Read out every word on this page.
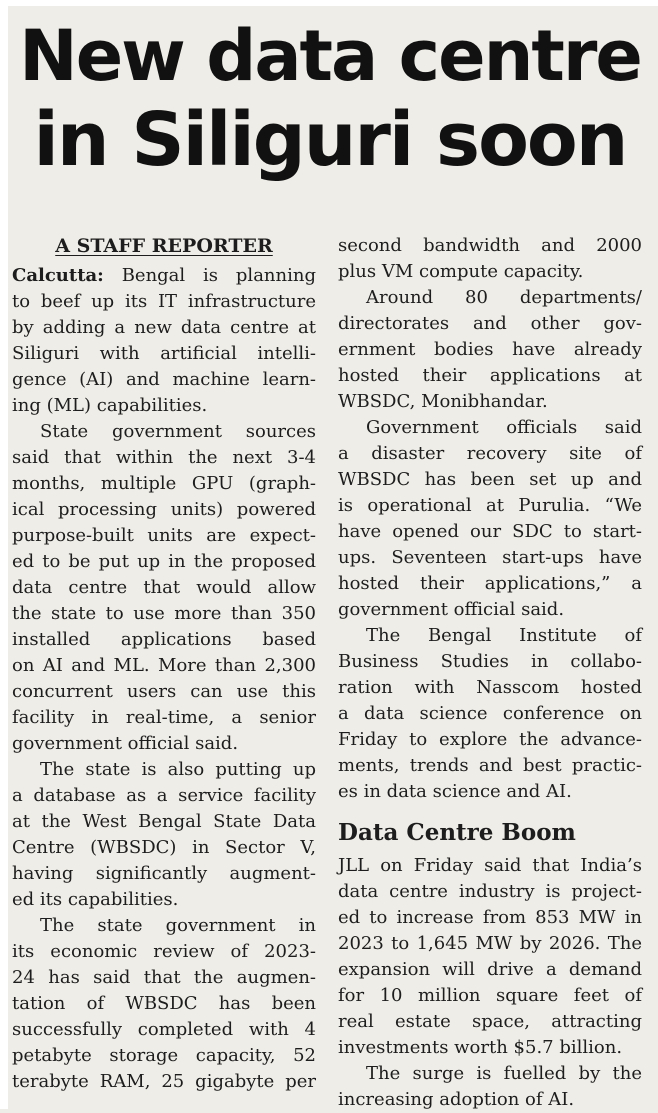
New data centre
in Siliguri soon
A STAFF REPORTER

Calcutta: Bengal is planning
to beef up its IT infrastructure
by adding a new data centre at
Siliguri with artificial intelli-
gence (AI) and machine learn-
ing (ML) capabilities.

State government sources
said that within the next 3-4
months, multiple GPU (graph-
ical processing units) powered
purpose-built units are expect-
ed to be put up in the proposed
data centre that would allow
the state to use more than 350
installed applications based
on AI and ML. More than 2,300
concurrent users can use this
facility in real-time, a senior
government official said.

The state is also putting up
a database as a service facility
at the West Bengal State Data
Centre (WBSDC) in Sector V,
having significantly augment-
ed its capabilities.

The state government in
its economic review of 2023-
24 has said that the augmen-
tation of WBSDC has been
successfully completed with 4
petabyte storage capacity, 52
terabyte RAM, 25 gigabyte per

second bandwidth and 2000
plus VM compute capacity.

Around 80 departments/
directorates and other gov-
ernment bodies have already
hosted their applications at
WBSDC, Monibhandar.

Government officials said
a disaster recovery site of
WBSDC has been set up and
is operational at Purulia. “We
have opened our SDC to start-
ups. Seventeen start-ups have
hosted their applications,” a
government official said.

The Bengal Institute of
Business Studies in collabo-
ration with Nasscom hosted
a data science conference on
Friday to explore the advance-
ments, trends and best practic-
es in data science and AI.

Data Centre Boom

JLL on Friday said that India’s
data centre industry is project-
ed to increase from 853 MW in
2023 to 1,645 MW by 2026. The
expansion will drive a demand
for 10 million square feet of
real estate space, attracting
investments worth $5.7 billion.

The surge is fuelled by the
increasing adoption of AI.
